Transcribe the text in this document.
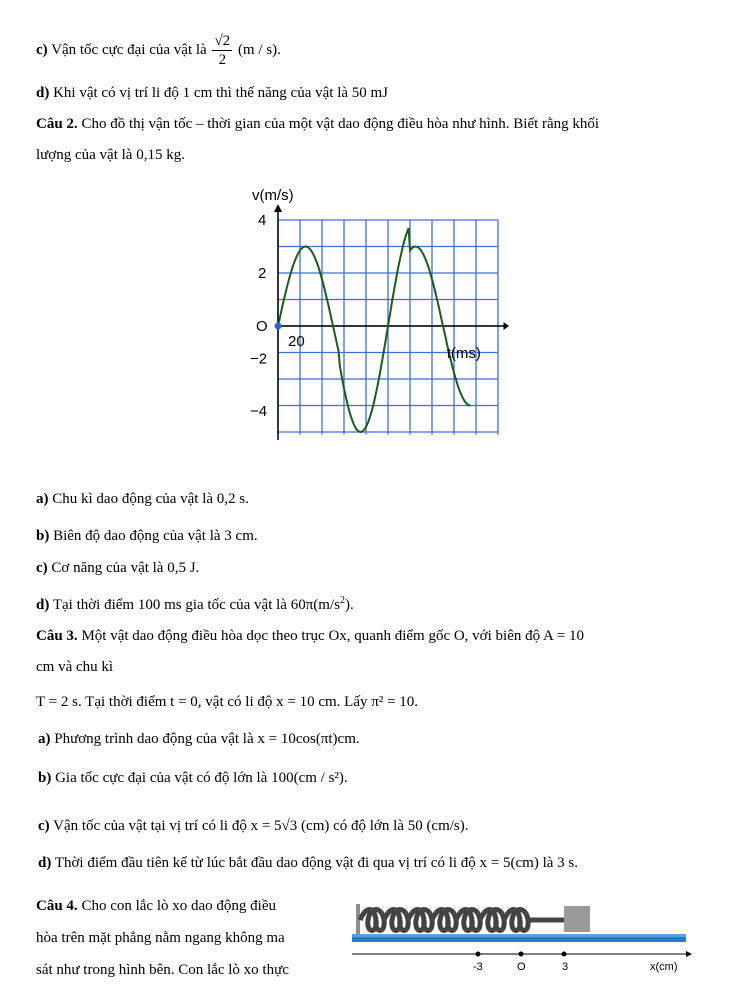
c) Vận tốc cực đại của vật là $\frac{√2}{2} (m / s)$.
d) Khi vật có vị trí li độ 1 cm thì thế năng của vật là 50 mJ
Câu 2. Cho đồ thị vận tốc – thời gian của một vật dao động điều hòa như hình. Biết rằng khối
lượng của vật là 0,15 kg.
v(m/s)
4
2
O
−2
−4
20
t(ms)
a) Chu kì dao động của vật là 0,2 s.
b) Biên độ dao động của vật là 3 cm.
c) Cơ năng của vật là 0,5 J.
d) Tại thời điểm 100 ms gia tốc của vật là $60\pi(m/s^2)$.
Câu 3. Một vật dao động điều hòa dọc theo trục Ox, quanh điểm gốc O, với biên độ A = 10
cm và chu kì
T = 2 s. Tại thời điểm t = 0, vật có li độ x = 10 cm. Lấy π² = 10.
a) Phương trình dao động của vật là x = 10cos(πt)cm.
b) Gia tốc cực đại của vật có độ lớn là 100(cm / s²).
c) Vận tốc của vật tại vị trí có li độ x = 5√3 (cm) có độ lớn là 50 (cm/s).
d) Thời điểm đầu tiên kể từ lúc bắt đầu dao động vật đi qua vị trí có li độ x = 5(cm) là 3 s.
Câu 4. Cho con lắc lò xo dao động điều
hòa trên mặt phẳng nằm ngang không ma
sát như trong hình bên. Con lắc lò xo thực	-3	O	3	x(cm)
